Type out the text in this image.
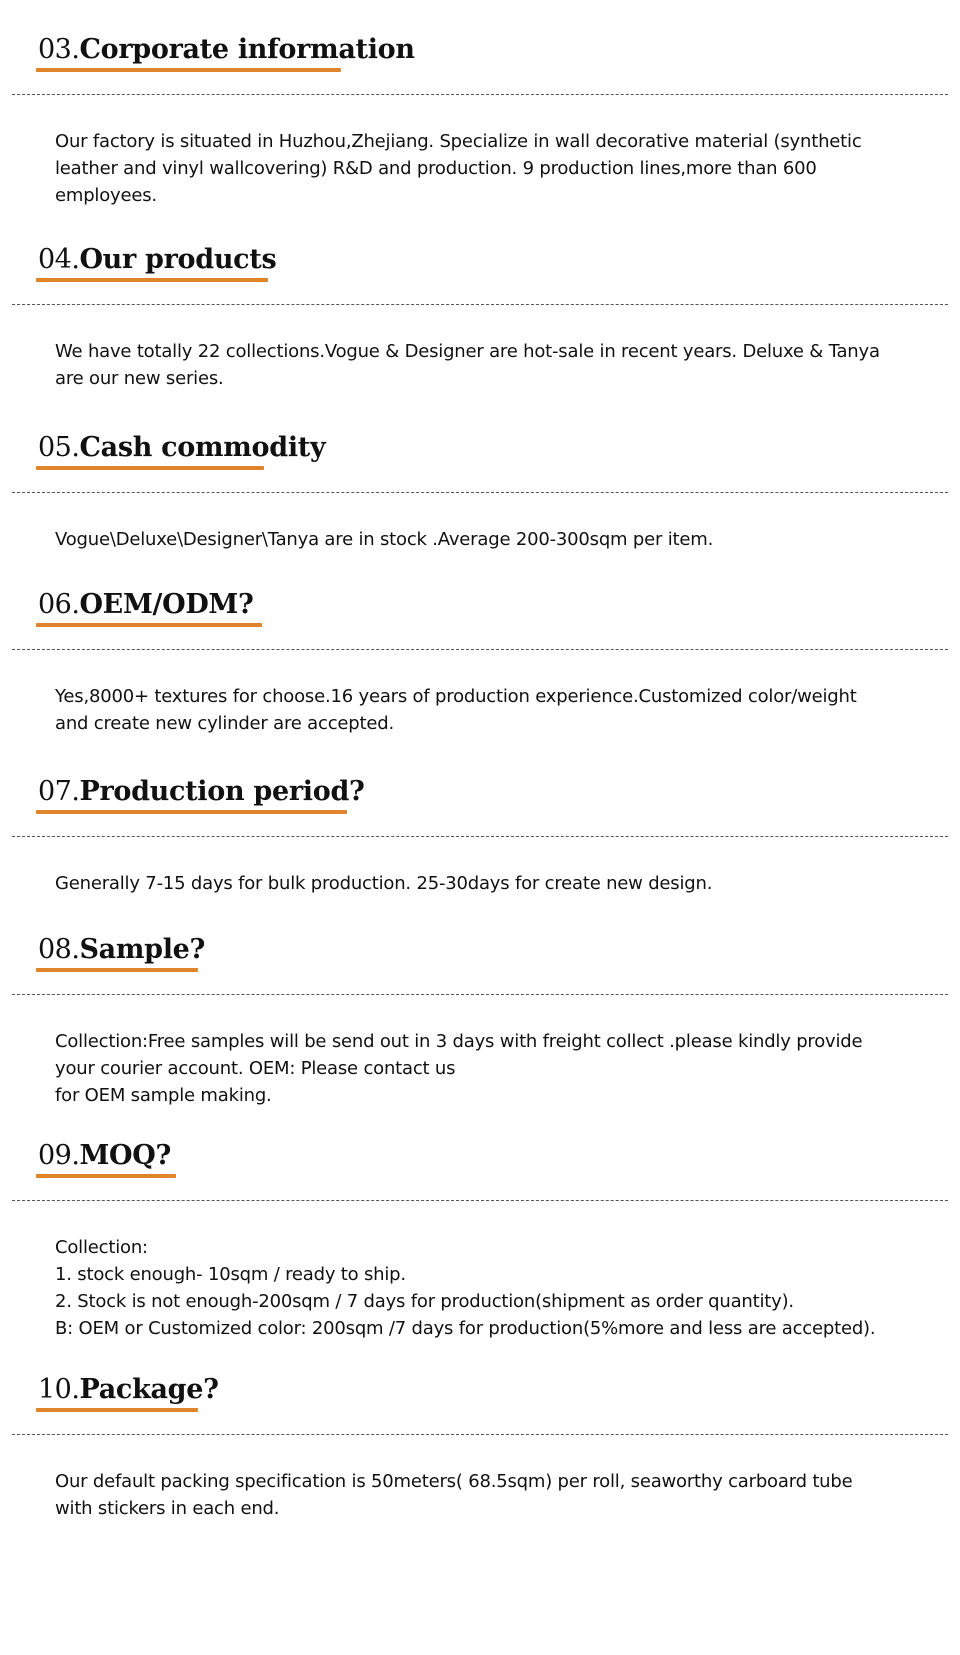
03.Corporate information
Our factory is situated in Huzhou,Zhejiang. Specialize in wall decorative material (synthetic
leather and vinyl wallcovering) R&D and production. 9 production lines,more than 600
employees.
04.Our products
We have totally 22 collections.Vogue & Designer are hot-sale in recent years. Deluxe & Tanya
are our new series.
05.Cash commodity
Vogue\Deluxe\Designer\Tanya are in stock .Average 200-300sqm per item.
06.OEM/ODM?
Yes,8000+ textures for choose.16 years of production experience.Customized color/weight
and create new cylinder are accepted.
07.Production period?
Generally 7-15 days for bulk production. 25-30days for create new design.
08.Sample?
Collection:Free samples will be send out in 3 days with freight collect .please kindly provide
your courier account. OEM: Please contact us
for OEM sample making.
09.MOQ?
Collection:
1. stock enough- 10sqm / ready to ship.
2. Stock is not enough-200sqm / 7 days for production(shipment as order quantity).
B: OEM or Customized color: 200sqm /7 days for production(5%more and less are accepted).
10.Package?
Our default packing specification is 50meters( 68.5sqm) per roll, seaworthy carboard tube
with stickers in each end.
